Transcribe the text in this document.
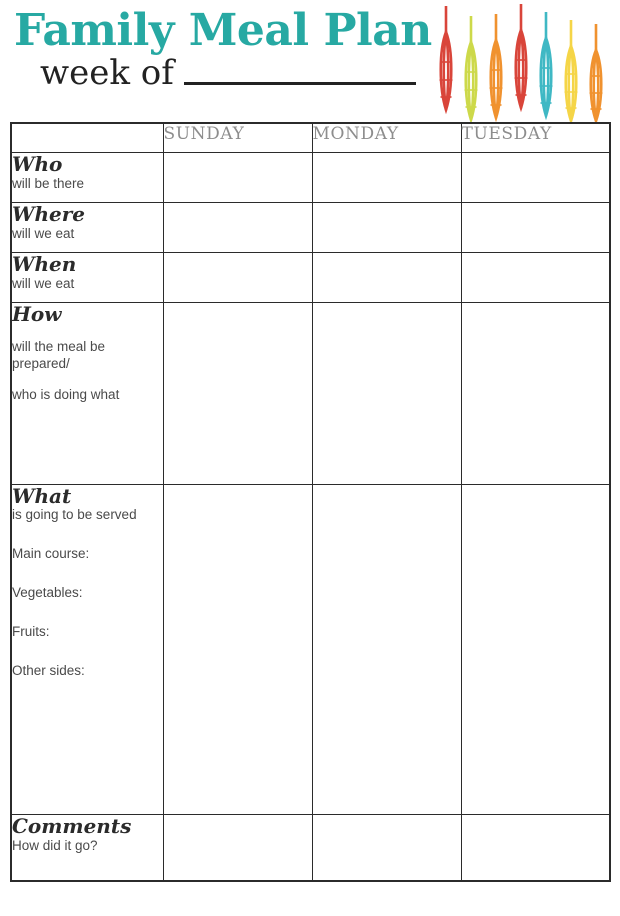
Family Meal Plan
week of
	SUNDAY	MONDAY	TUESDAY

Who
will be there			

Where
will we eat			

When
will we eat			

How
will the meal be prepared/
who is doing what			

What
is going to be served
Main course:
Vegetables:
Fruits:
Other sides:

Comments
How did it go?			
